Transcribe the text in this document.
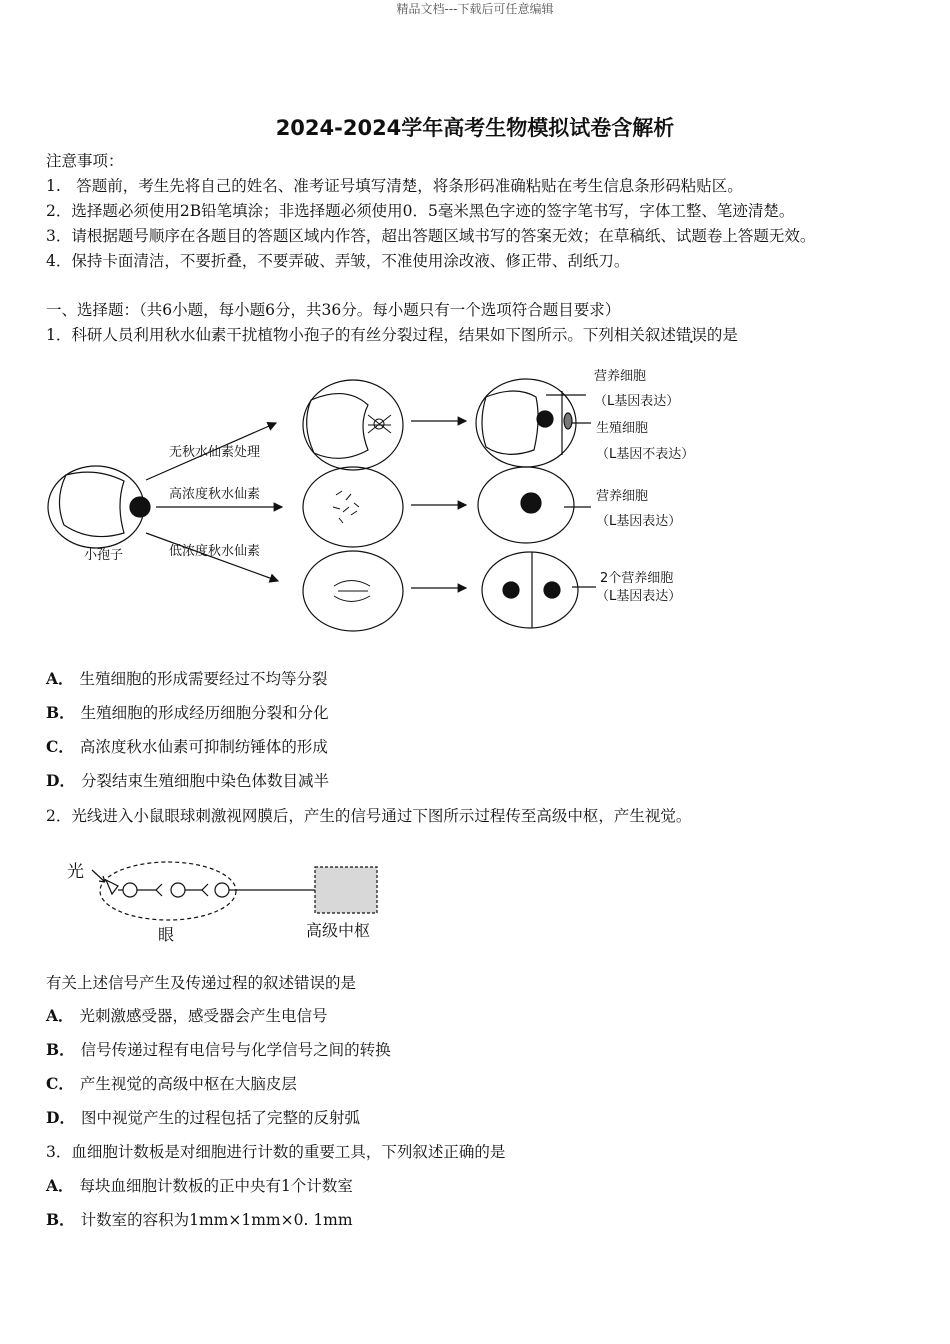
精品文档---下载后可任意编辑
2024-2024学年高考生物模拟试卷含解析
注意事项：
1.　答题前，考生先将自己的姓名、准考证号填写清楚，将条形码准确粘贴在考生信息条形码粘贴区。
2．选择题必须使用2B铅笔填涂；非选择题必须使用0．5毫米黑色字迹的签字笔书写，字体工整、笔迹清楚。
3．请根据题号顺序在各题目的答题区域内作答，超出答题区域书写的答案无效；在草稿纸、试题卷上答题无效。
4．保持卡面清洁，不要折叠，不要弄破、弄皱，不准使用涂改液、修正带、刮纸刀。
一、选择题：（共6小题，每小题6分，共36分。每小题只有一个选项符合题目要求）
1．科研人员利用秋水仙素干扰植物小孢子的有丝分裂过程，结果如下图所示。下列相关叙述错误的是
小孢子
无秋水仙素处理
高浓度秋水仙素
低浓度秋水仙素
营养细胞
（L基因表达）
生殖细胞
（L基因不表达）
营养细胞
（L基因表达）
2个营养细胞
（L基因表达）
A． 生殖细胞的形成需要经过不均等分裂
B． 生殖细胞的形成经历细胞分裂和分化
C． 高浓度秋水仙素可抑制纺锤体的形成
D． 分裂结束生殖细胞中染色体数目减半
2．光线进入小鼠眼球刺激视网膜后，产生的信号通过下图所示过程传至高级中枢，产生视觉。
光
眼	高级中枢
有关上述信号产生及传递过程的叙述错误的是
A． 光刺激感受器，感受器会产生电信号
B． 信号传递过程有电信号与化学信号之间的转换
C． 产生视觉的高级中枢在大脑皮层
D． 图中视觉产生的过程包括了完整的反射弧
3．血细胞计数板是对细胞进行计数的重要工具，下列叙述正确的是
A． 每块血细胞计数板的正中央有1个计数室
B． 计数室的容积为1mm×1mm×0. 1mm
